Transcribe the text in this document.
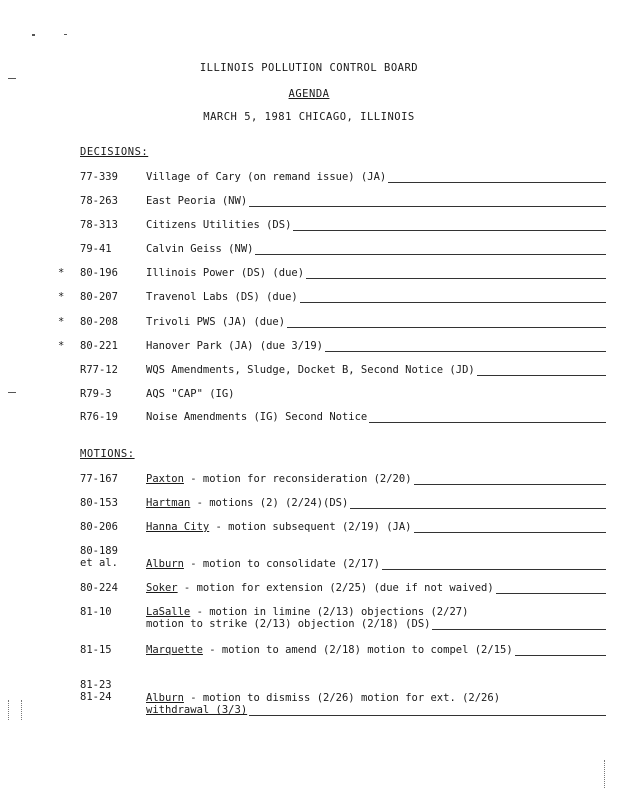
ILLINOIS POLLUTION CONTROL BOARD
AGENDA
MARCH 5, 1981 CHICAGO, ILLINOIS
DECISIONS:
77-339	Village of Cary (on remand issue) (JA)
78-263	East Peoria (NW)
78-313	Citizens Utilities (DS)
79-41	Calvin Geiss (NW)
* 80-196	Illinois Power (DS) (due)
* 80-207	Travenol Labs (DS) (due)
* 80-208	Trivoli PWS (JA) (due)
* 80-221	Hanover Park (JA) (due 3/19)
R77-12	WQS Amendments, Sludge, Docket B, Second Notice (JD)
R79-3	AQS "CAP" (IG)
R76-19	Noise Amendments (IG) Second Notice
MOTIONS:
77-167	Paxton - motion for reconsideration (2/20)
80-153	Hartman - motions (2) (2/24)(DS)
80-206	Hanna City - motion subsequent (2/19) (JA)
80-189
et al.	Alburn - motion to consolidate (2/17)
80-224	Soker - motion for extension (2/25) (due if not waived)
81-10	LaSalle - motion in limine (2/13) objections (2/27)
motion to strike (2/13) objection (2/18) (DS)
81-15	Marquette - motion to amend (2/18) motion to compel (2/15)
81-23
81-24	Alburn - motion to dismiss (2/26) motion for ext. (2/26)
withdrawal (3/3)
